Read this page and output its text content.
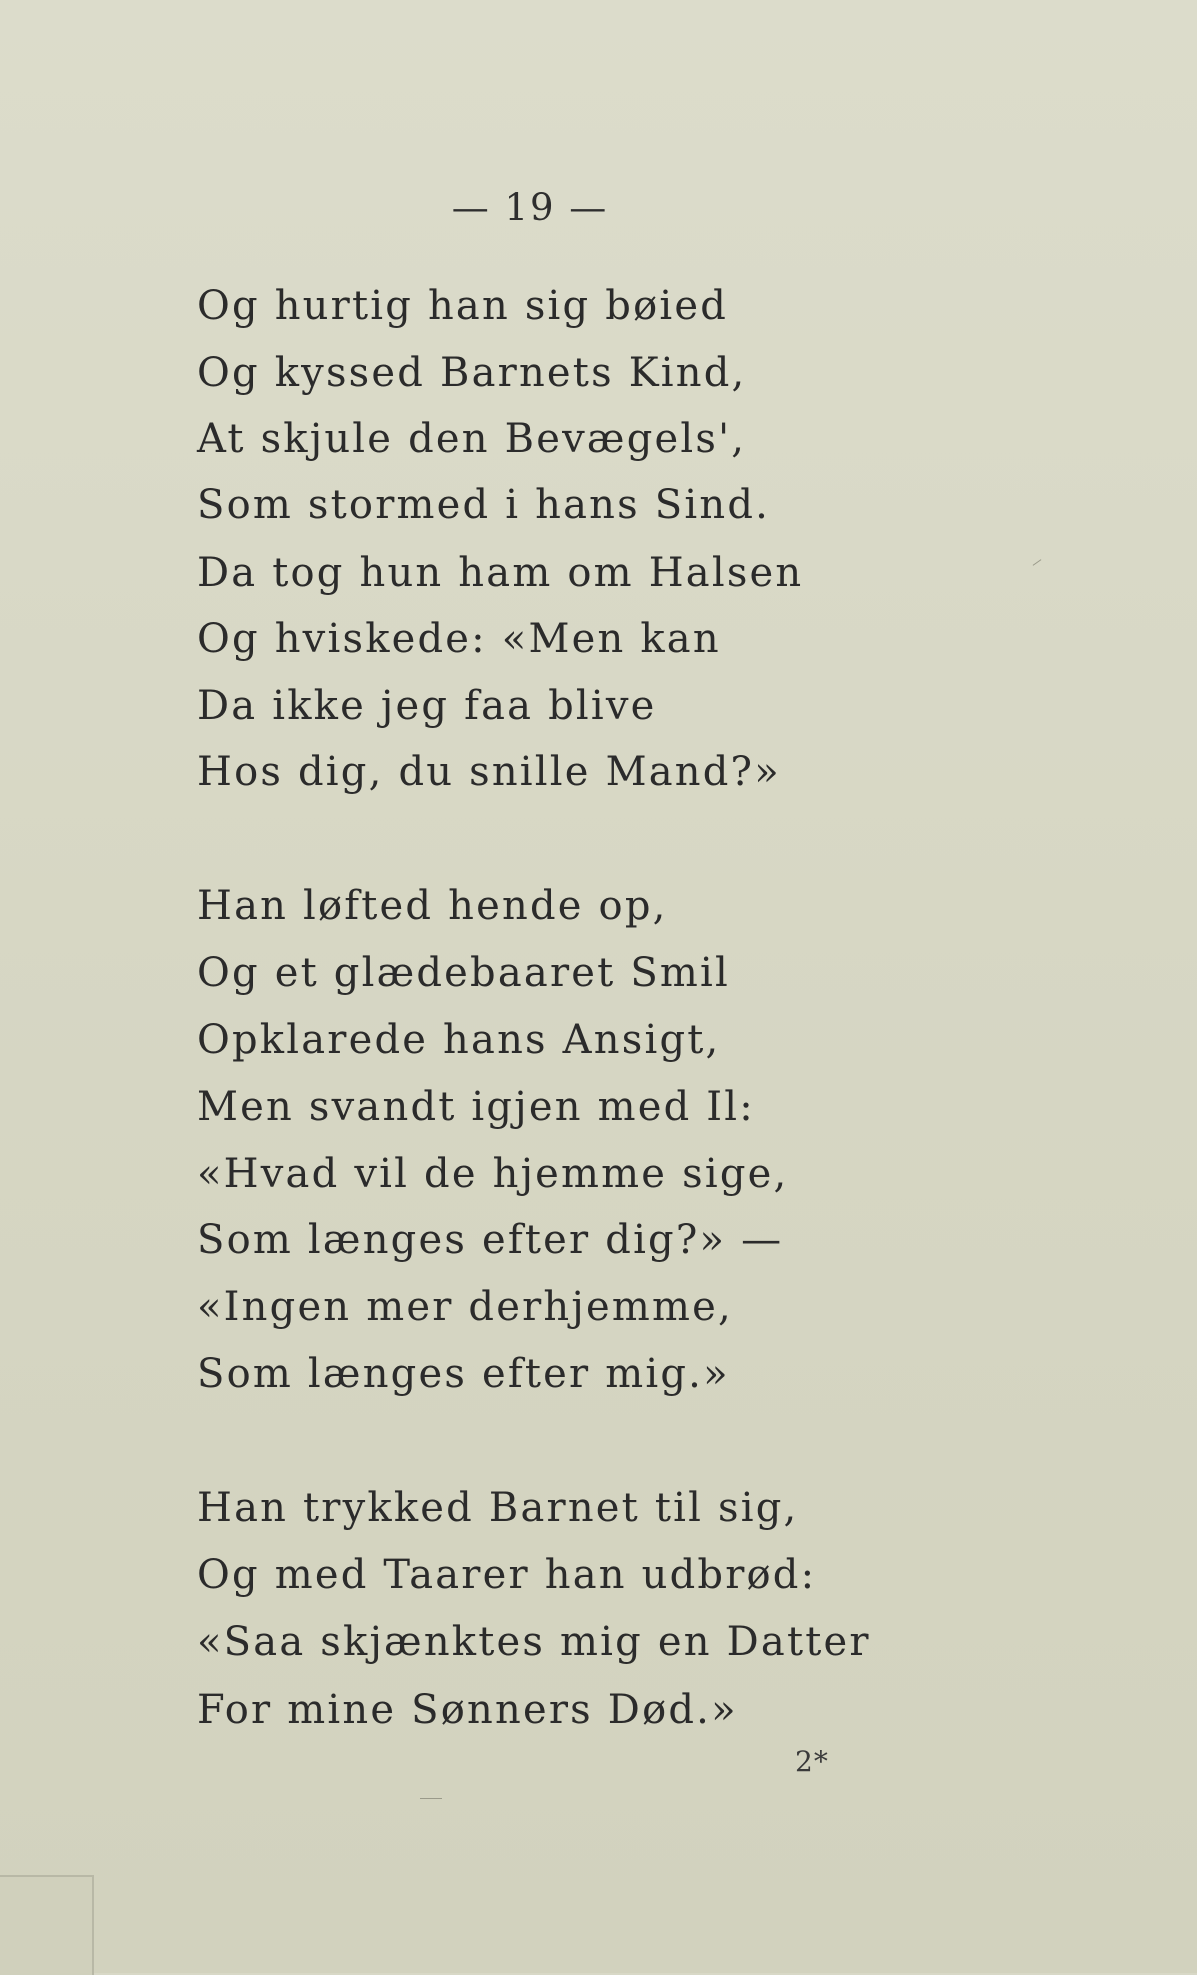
— 19 —
Og hurtig han sig bøied
Og kyssed Barnets Kind,
At skjule den Bevægels',
Som stormed i hans Sind.
Da tog hun ham om Halsen
Og hviskede: «Men kan
Da ikke jeg faa blive
Hos dig, du snille Mand?»
Han løfted hende op,
Og et glædebaaret Smil
Opklarede hans Ansigt,
Men svandt igjen med Il:
«Hvad vil de hjemme sige,
Som længes efter dig?» —
«Ingen mer derhjemme,
Som længes efter mig.»
Han trykked Barnet til sig,
Og med Taarer han udbrød:
«Saa skjænktes mig en Datter
For mine Sønners Død.»
2*
